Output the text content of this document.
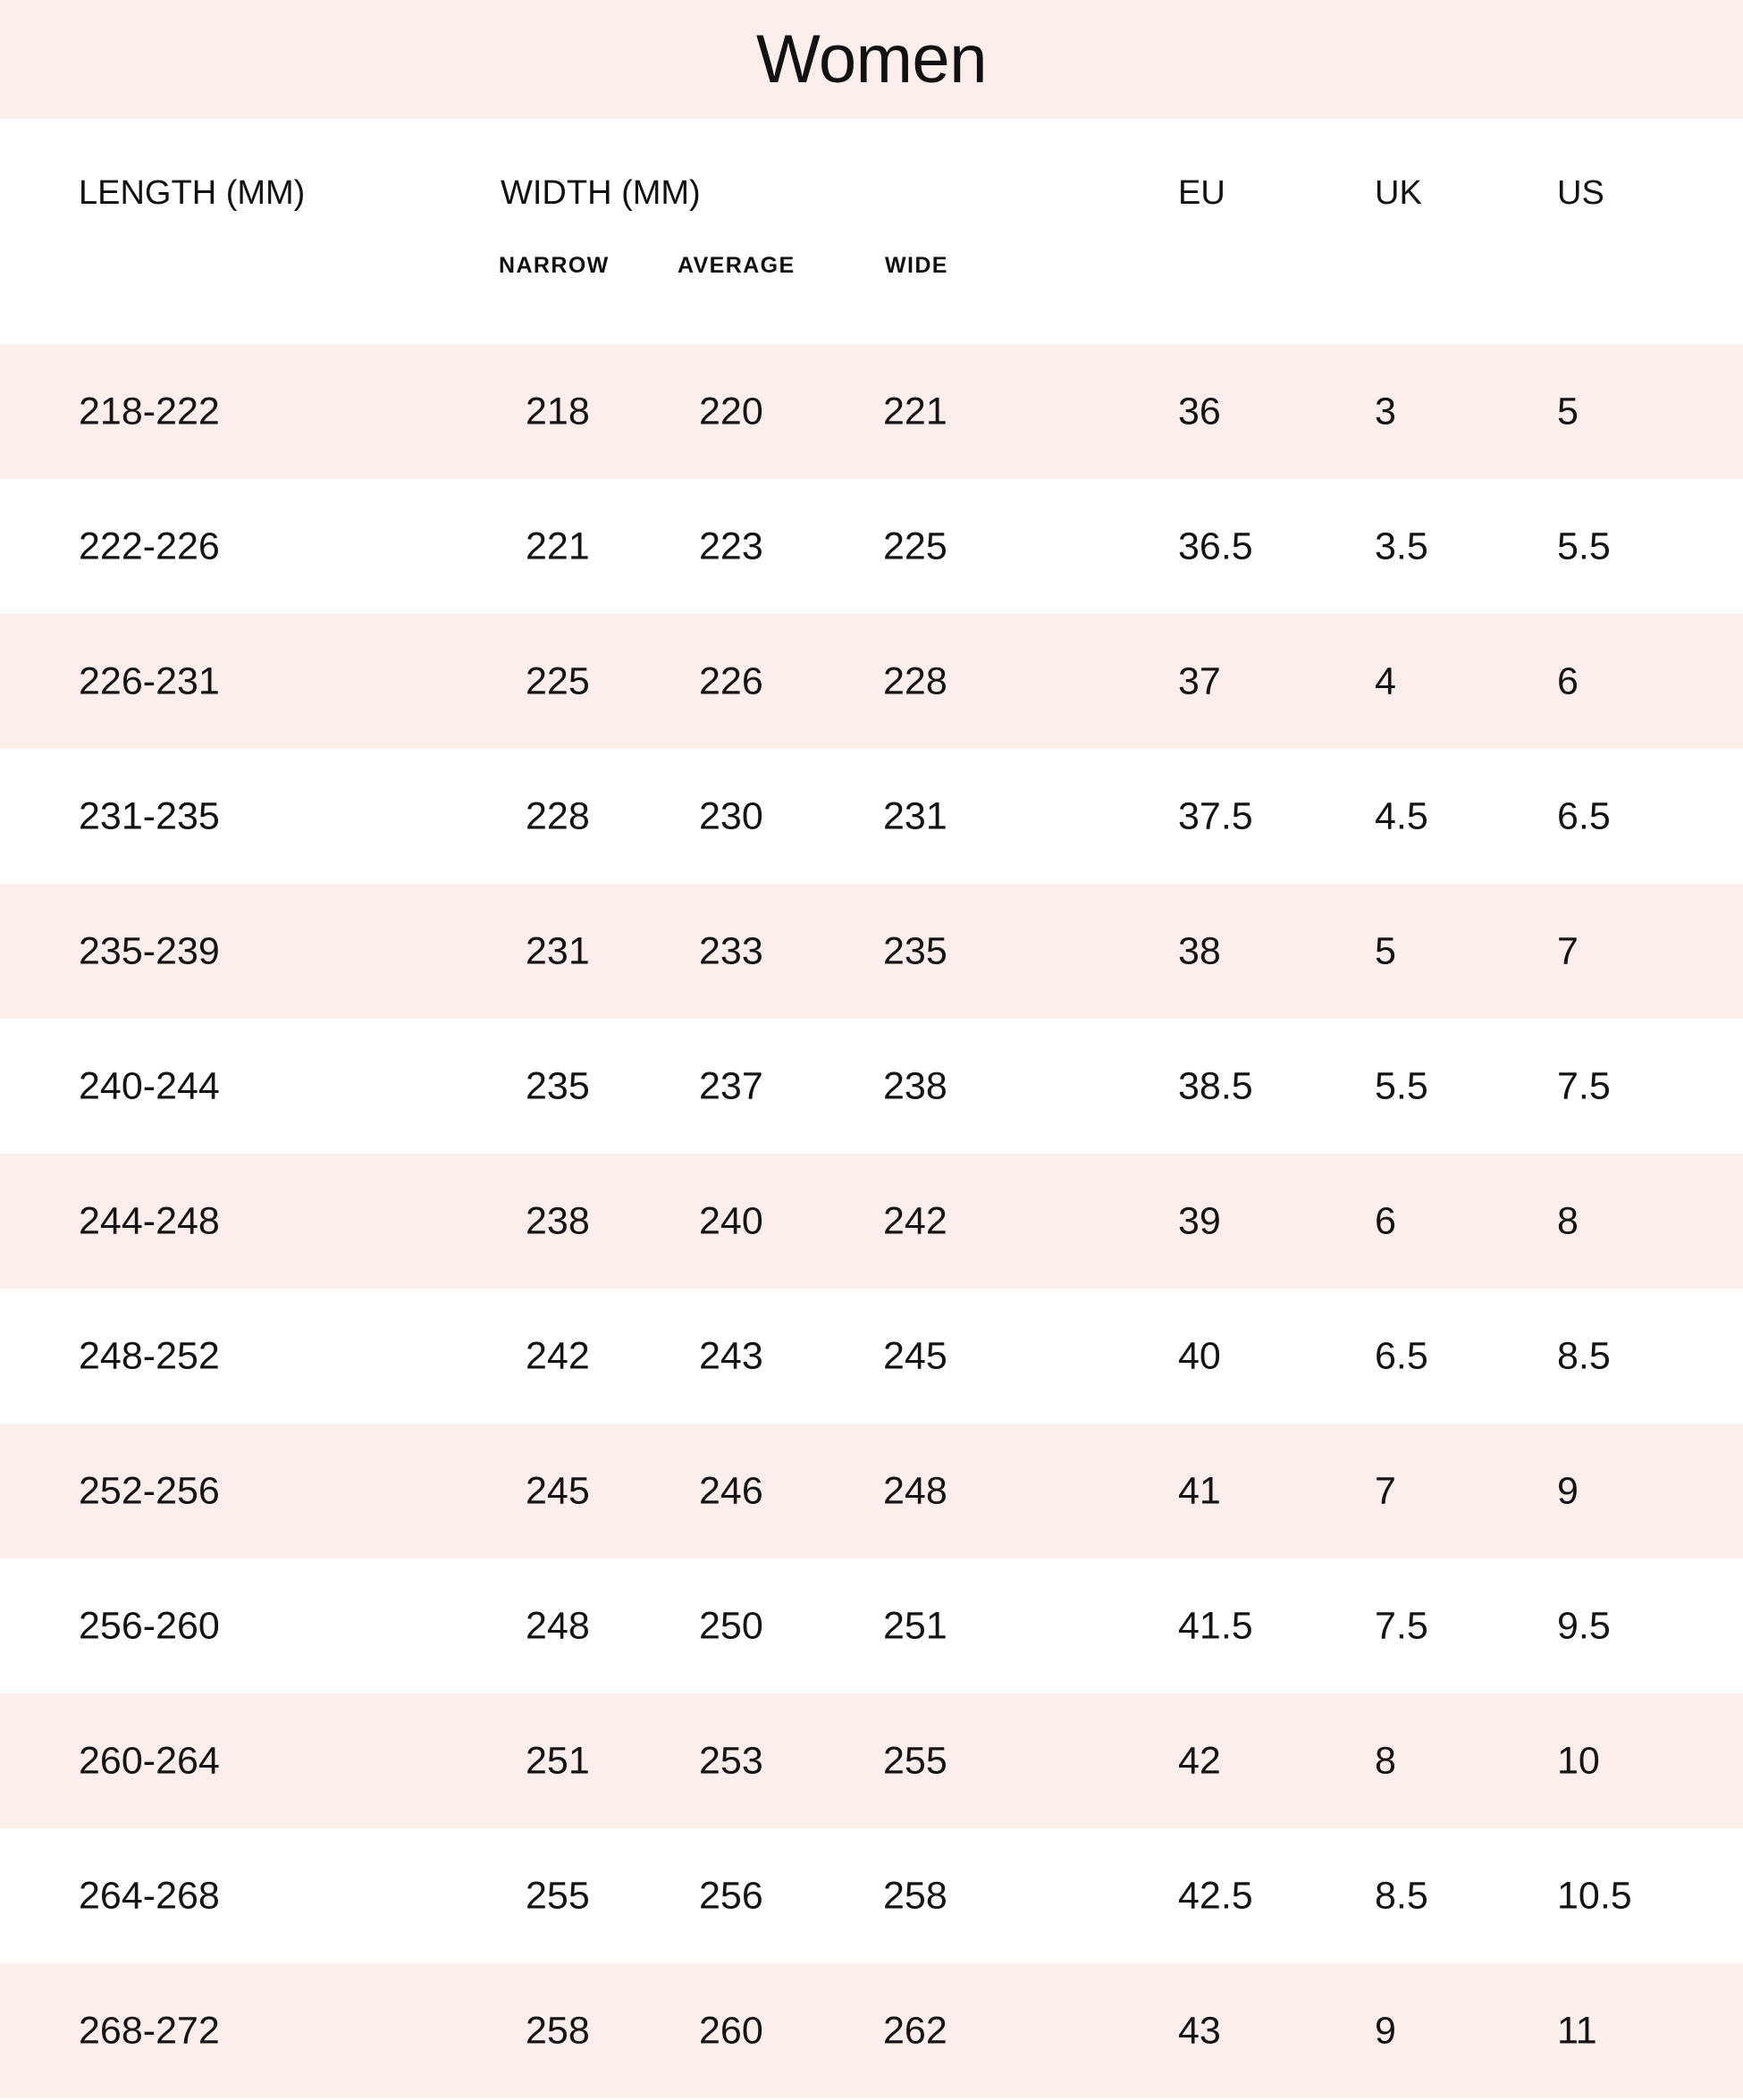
Women
LENGTH (MM)	WIDTH (MM)	EU	UK	US
NARROW	AVERAGE	WIDE
218-222	218	220	221	36	3	5
222-226	221	223	225	36.5	3.5	5.5
226-231	225	226	228	37	4	6
231-235	228	230	231	37.5	4.5	6.5
235-239	231	233	235	38	5	7
240-244	235	237	238	38.5	5.5	7.5
244-248	238	240	242	39	6	8
248-252	242	243	245	40	6.5	8.5
252-256	245	246	248	41	7	9
256-260	248	250	251	41.5	7.5	9.5
260-264	251	253	255	42	8	10
264-268	255	256	258	42.5	8.5	10.5
268-272	258	260	262	43	9	11
